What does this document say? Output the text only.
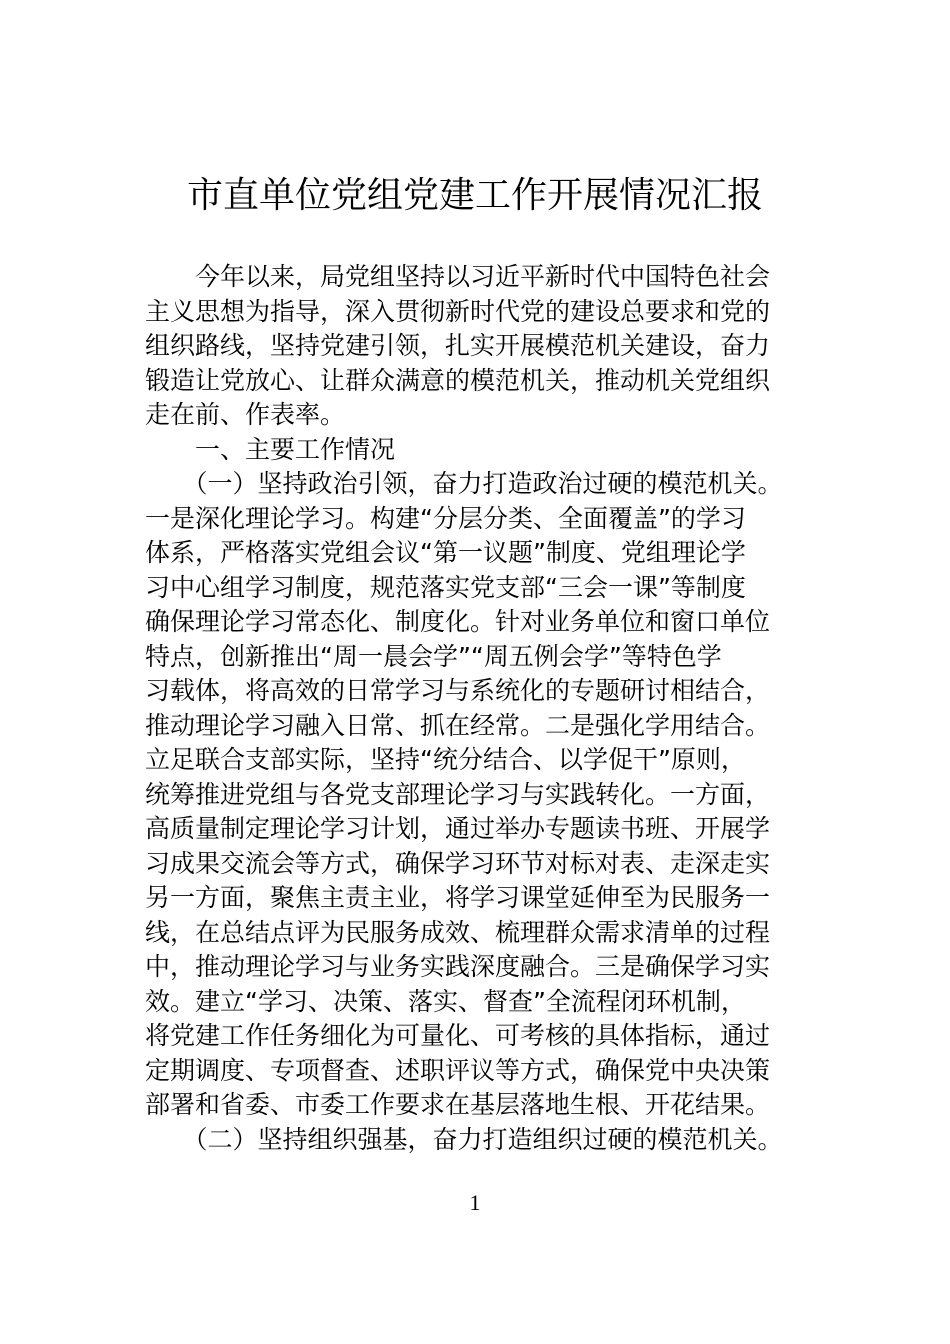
市直单位党组党建工作开展情况汇报
　　今年以来，局党组坚持以习近平新时代中国特色社会
主义思想为指导，深入贯彻新时代党的建设总要求和党的
组织路线，坚持党建引领，扎实开展模范机关建设，奋力
锻造让党放心、让群众满意的模范机关，推动机关党组织
走在前、作表率。
　　一、主要工作情况
　　（一）坚持政治引领，奋力打造政治过硬的模范机关。
一是深化理论学习。构建“分层分类、全面覆盖”的学习
体系，严格落实党组会议“第一议题”制度、党组理论学
习中心组学习制度，规范落实党支部“三会一课”等制度
确保理论学习常态化、制度化。针对业务单位和窗口单位
特点，创新推出“周一晨会学”“周五例会学”等特色学
习载体，将高效的日常学习与系统化的专题研讨相结合，
推动理论学习融入日常、抓在经常。二是强化学用结合。
立足联合支部实际，坚持“统分结合、以学促干”原则，
统筹推进党组与各党支部理论学习与实践转化。一方面，
高质量制定理论学习计划，通过举办专题读书班、开展学
习成果交流会等方式，确保学习环节对标对表、走深走实
另一方面，聚焦主责主业，将学习课堂延伸至为民服务一
线，在总结点评为民服务成效、梳理群众需求清单的过程
中，推动理论学习与业务实践深度融合。三是确保学习实
效。建立“学习、决策、落实、督查”全流程闭环机制，
将党建工作任务细化为可量化、可考核的具体指标，通过
定期调度、专项督查、述职评议等方式，确保党中央决策
部署和省委、市委工作要求在基层落地生根、开花结果。
　　（二）坚持组织强基，奋力打造组织过硬的模范机关。
1
